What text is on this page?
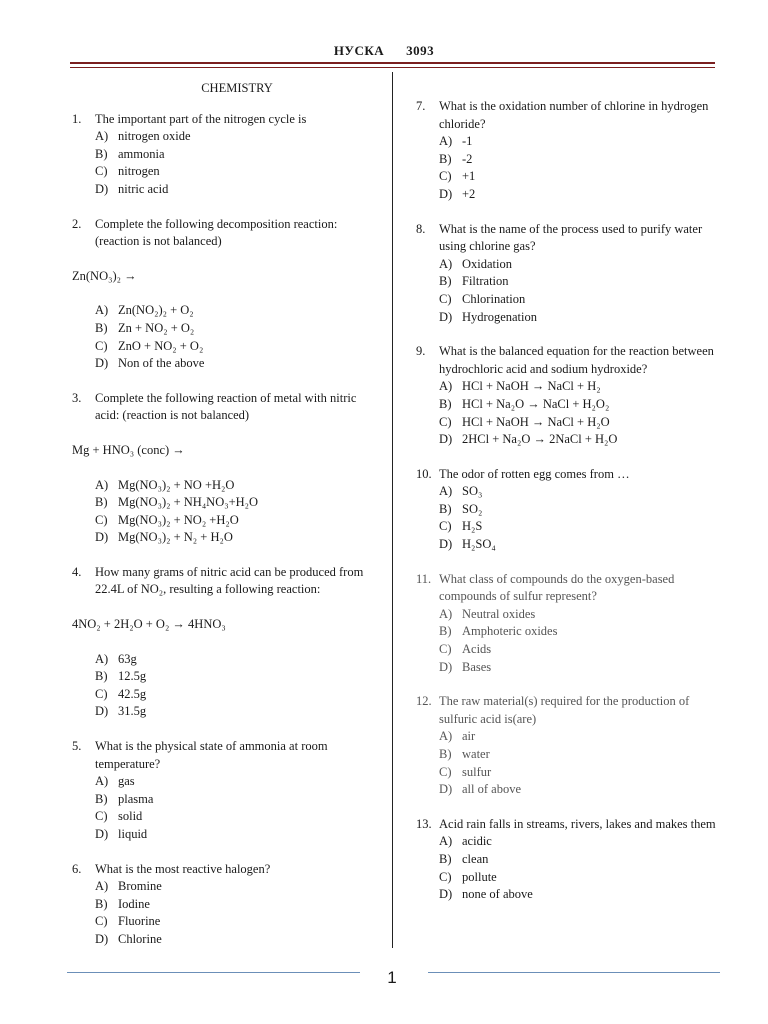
НУСКА 3093
CHEMISTRY
1.	The important part of the nitrogen cycle is
A) nitrogen oxide
B) ammonia
C) nitrogen
D) nitric acid
2.	Complete the following decomposition reaction: (reaction is not balanced)
Zn(NO₃)₂ →
A) Zn(NO₂)₂ + O₂
B) Zn + NO₂ + O₂
C) ZnO + NO₂ + O₂
D) Non of the above
3.	Complete the following reaction of metal with nitric acid: (reaction is not balanced)
Mg + HNO₃ (conc) →
A) Mg(NO₃)₂ + NO +H₂O
B) Mg(NO₃)₂ + NH₄NO₃+H₂O
C) Mg(NO₃)₂ + NO₂ +H₂O
D) Mg(NO₃)₂ + N₂ + H₂O
4.	How many grams of nitric acid can be produced from 22.4L of NO₂, resulting a following reaction:
4NO₂ + 2H₂O + O₂ → 4HNO₃
A) 63g
B) 12.5g
C) 42.5g
D) 31.5g
5.	What is the physical state of ammonia at room temperature?
A) gas
B) plasma
C) solid
D) liquid
6.	What is the most reactive halogen?
A) Bromine
B) Iodine
C) Fluorine
D) Chlorine
7.	What is the oxidation number of chlorine in hydrogen chloride?
A) -1
B) -2
C) +1
D) +2
8.	What is the name of the process used to purify water using chlorine gas?
A) Oxidation
B) Filtration
C) Chlorination
D) Hydrogenation
9.	What is the balanced equation for the reaction between hydrochloric acid and sodium hydroxide?
A) HCl + NaOH → NaCl + H₂
B) HCl + Na₂O → NaCl + H₂O₂
C) HCl + NaOH → NaCl + H₂O
D) 2HCl + Na₂O → 2NaCl + H₂O
10. The odor of rotten egg comes from …
A) SO₃
B) SO₂
C) H₂S
D) H₂SO₄
11. What class of compounds do the oxygen-based compounds of sulfur represent?
A) Neutral oxides
B) Amphoteric oxides
C) Acids
D) Bases
12. The raw material(s) required for the production of sulfuric acid is(are)
A) air
B) water
C) sulfur
D) all of above
13. Acid rain falls in streams, rivers, lakes and makes them
A) acidic
B) clean
C) pollute
D) none of above
1
